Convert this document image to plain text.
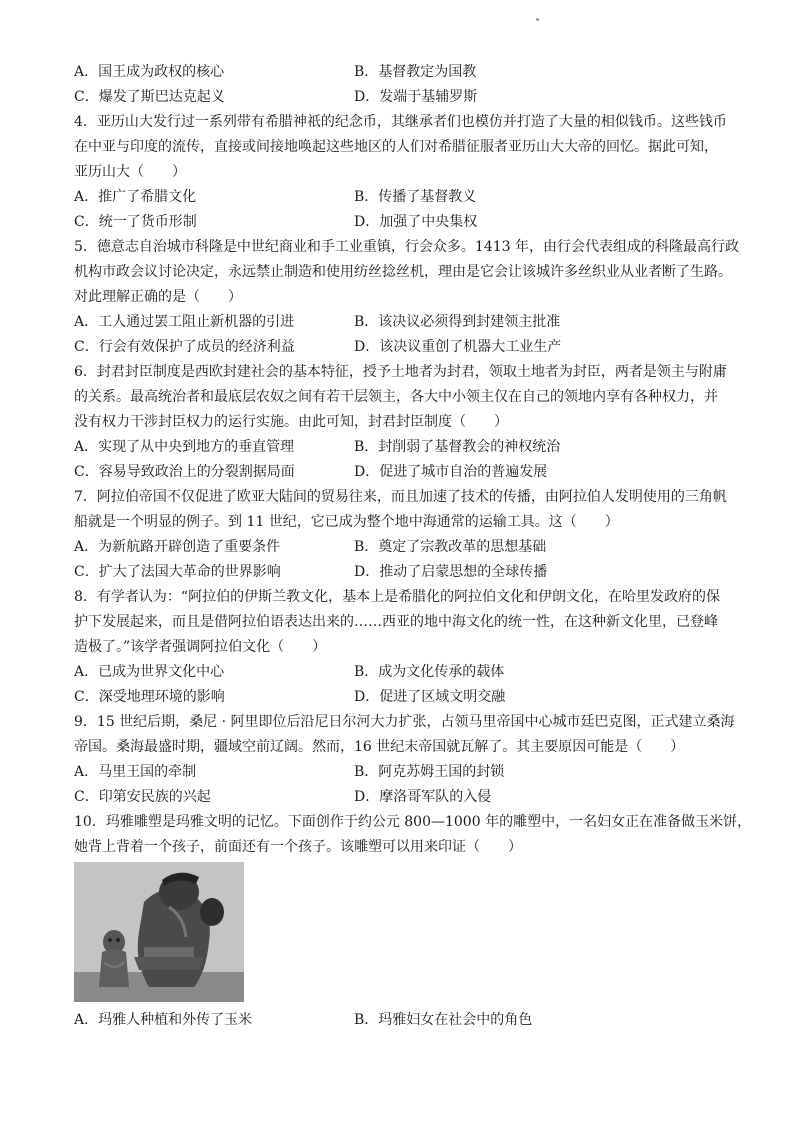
A．国王成为政权的核心	B．基督教定为国教
C．爆发了斯巴达克起义	D．发端于基辅罗斯
4．亚历山大发行过一系列带有希腊神祇的纪念币，其继承者们也模仿并打造了大量的相似钱币。这些钱币
在中亚与印度的流传，直接或间接地唤起这些地区的人们对希腊征服者亚历山大大帝的回忆。据此可知，
亚历山大（　　）
A．推广了希腊文化	B．传播了基督教义
C．统一了货币形制	D．加强了中央集权
5．德意志自治城市科隆是中世纪商业和手工业重镇，行会众多。1413 年，由行会代表组成的科隆最高行政
机构市政会议讨论决定，永远禁止制造和使用纺丝捻丝机，理由是它会让该城许多丝织业从业者断了生路。
对此理解正确的是（　　）
A．工人通过罢工阻止新机器的引进	B．该决议必须得到封建领主批准
C．行会有效保护了成员的经济利益	D．该决议重创了机器大工业生产
6．封君封臣制度是西欧封建社会的基本特征，授予土地者为封君，领取土地者为封臣，两者是领主与附庸
的关系。最高统治者和最底层农奴之间有若干层领主，各大中小领主仅在自己的领地内享有各种权力，并
没有权力干涉封臣权力的运行实施。由此可知，封君封臣制度（　　）
A．实现了从中央到地方的垂直管理	B．封削弱了基督教会的神权统治
C．容易导致政治上的分裂割据局面	D．促进了城市自治的普遍发展
7．阿拉伯帝国不仅促进了欧亚大陆间的贸易往来，而且加速了技术的传播，由阿拉伯人发明使用的三角帆
船就是一个明显的例子。到 11 世纪，它已成为整个地中海通常的运输工具。这（　　）
A．为新航路开辟创造了重要条件	B．奠定了宗教改革的思想基础
C．扩大了法国大革命的世界影响	D．推动了启蒙思想的全球传播
8．有学者认为：“阿拉伯的伊斯兰教文化，基本上是希腊化的阿拉伯文化和伊朗文化，在哈里发政府的保
护下发展起来，而且是借阿拉伯语表达出来的……西亚的地中海文化的统一性，在这种新文化里，已登峰
造极了。”该学者强调阿拉伯文化（　　）
A．已成为世界文化中心	B．成为文化传承的载体
C．深受地理环境的影响	D．促进了区域文明交融
9．15 世纪后期，桑尼 · 阿里即位后沿尼日尔河大力扩张，占领马里帝国中心城市廷巴克图，正式建立桑海
帝国。桑海最盛时期，疆域空前辽阔。然而，16 世纪末帝国就瓦解了。其主要原因可能是（　　）
A．马里王国的牵制	B．阿克苏姆王国的封锁
C．印第安民族的兴起	D．摩洛哥军队的入侵
10．玛雅雕塑是玛雅文明的记忆。下面创作于约公元 800—1000 年的雕塑中，一名妇女正在准备做玉米饼，
她背上背着一个孩子，前面还有一个孩子。该雕塑可以用来印证（　　）
A．玛雅人种植和外传了玉米	B．玛雅妇女在社会中的角色
